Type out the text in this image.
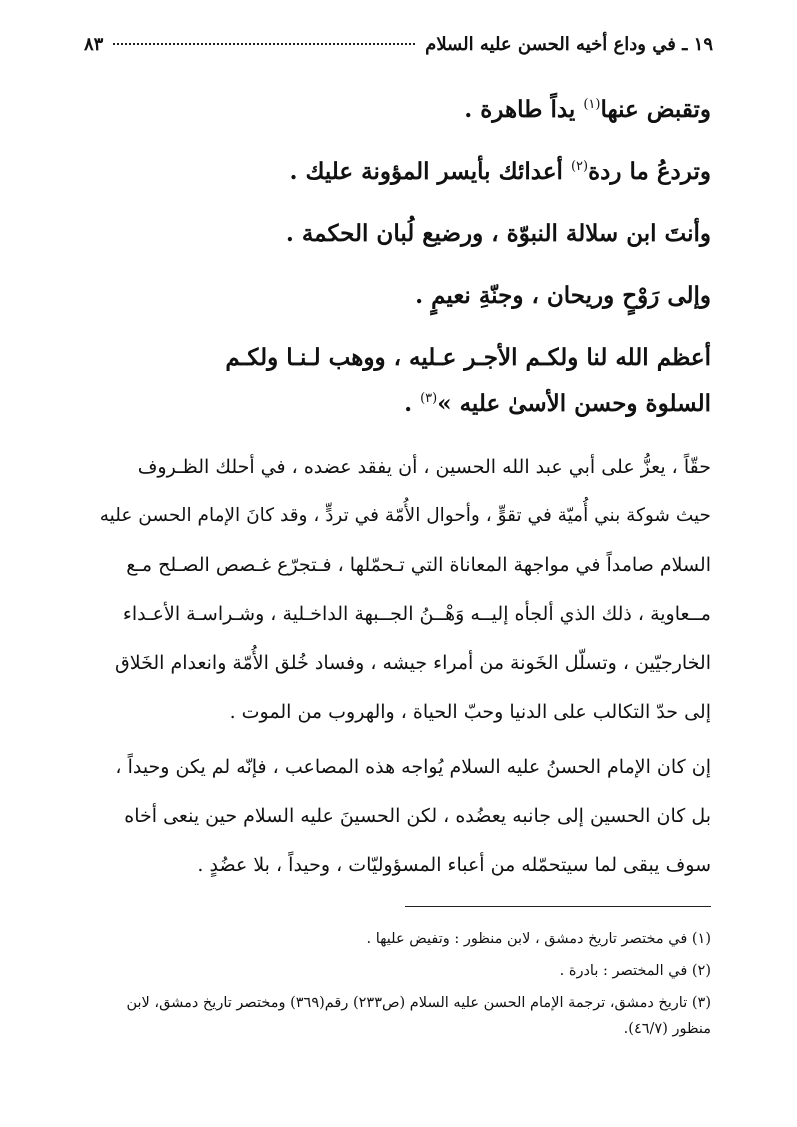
١٩ ـ في وداع أخيه الحسن عليه السلام
٨٣
وتقبض عنها$^{(١)}$ يداً طاهرة .
وتردعُ ما ردة$^{(٢)}$ أعدائك بأيسر المؤونة عليك .
وأنتَ ابن سلالة النبوّة ، ورضيع لُبان الحكمة .
وإلى رَوْحٍ وريحان ، وجنّةِ نعيمٍ .
أعظم الله لنا ولكـم الأجـر عـليه ، ووهب لـنـا ولكـم
السلوة وحسن الأسىٰ عليه »$^{(٣)}$ .
حقّاً ، يعزُّ على أبي عبد الله الحسين ، أن يفقد عضده ، في أحلك الظـروف
حيث شوكة بني أُميّة في تقوٍّ ، وأحوال الأُمّة في تردٍّ ، وقد كانَ الإمام الحسن عليه
السلام صامداً في مواجهة المعاناة التي تـحمّلها ، فـتجرّع غـصص الصـلح مـع
مــعاوية ، ذلك الذي ألجأه إليــه وَهْــنُ الجــبهة الداخـلية ، وشـراسـة الأعـداء
الخارجيّين ، وتسلّل الخَونة من أمراء جيشه ، وفساد خُلق الأُمّة وانعدام الخَلاق
إلى حدّ التكالب على الدنيا وحبّ الحياة ، والهروب من الموت .
إن كان الإمام الحسنُ عليه السلام يُواجه هذه المصاعب ، فإنّه لم يكن وحيداً ،
بل كان الحسين إلى جانبه يعضُده ، لكن الحسينَ عليه السلام حين ينعى أخاه
سوف يبقى لما سيتحمّله من أعباء المسؤوليّات ، وحيداً ، بلا عضُدٍ .
(١) في مختصر تاريخ دمشق ، لابن منظور : وتفيض عليها .
(٢) في المختصر : بادرة .
(٣) تاريخ دمشق، ترجمة الإمام الحسن عليه السلام (ص٢٣٣) رقم(٣٦٩) ومختصر تاريخ دمشق، لابن منظور (٤٦/٧).
